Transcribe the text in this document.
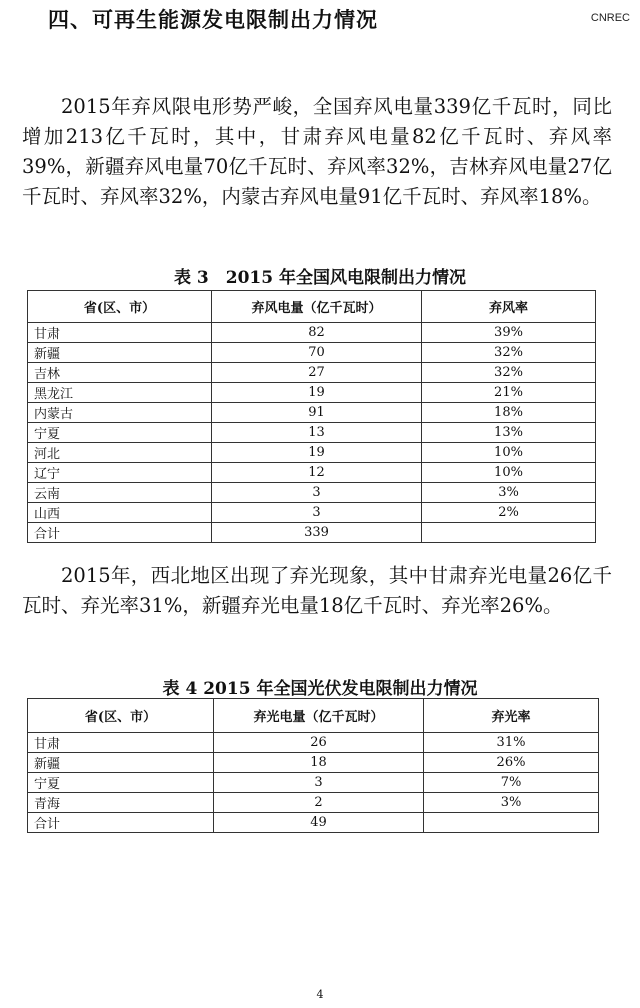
四、可再生能源发电限制出力情况	CNREC

2015年弃风限电形势严峻，全国弃风电量339亿千瓦时，同比增加213亿千瓦时，其中，甘肃弃风电量82亿千瓦时、弃风率39%，新疆弃风电量70亿千瓦时、弃风率32%，吉林弃风电量27亿千瓦时、弃风率32%，内蒙古弃风电量91亿千瓦时、弃风率18%。

表 3　2015 年全国风电限制出力情况
省(区、市）	弃风电量（亿千瓦时）	弃风率
甘肃	82	39%
新疆	70	32%
吉林	27	32%
黑龙江	19	21%
内蒙古	91	18%
宁夏	13	13%
河北	19	10%
辽宁	12	10%
云南	3	3%
山西	3	2%
合计	339	

2015年，西北地区出现了弃光现象，其中甘肃弃光电量26亿千瓦时、弃光率31%，新疆弃光电量18亿千瓦时、弃光率26%。

表 4 2015 年全国光伏发电限制出力情况
省(区、市）	弃光电量（亿千瓦时）	弃光率
甘肃	26	31%
新疆	18	26%
宁夏	3	7%
青海	2	3%
合计	49	
4
